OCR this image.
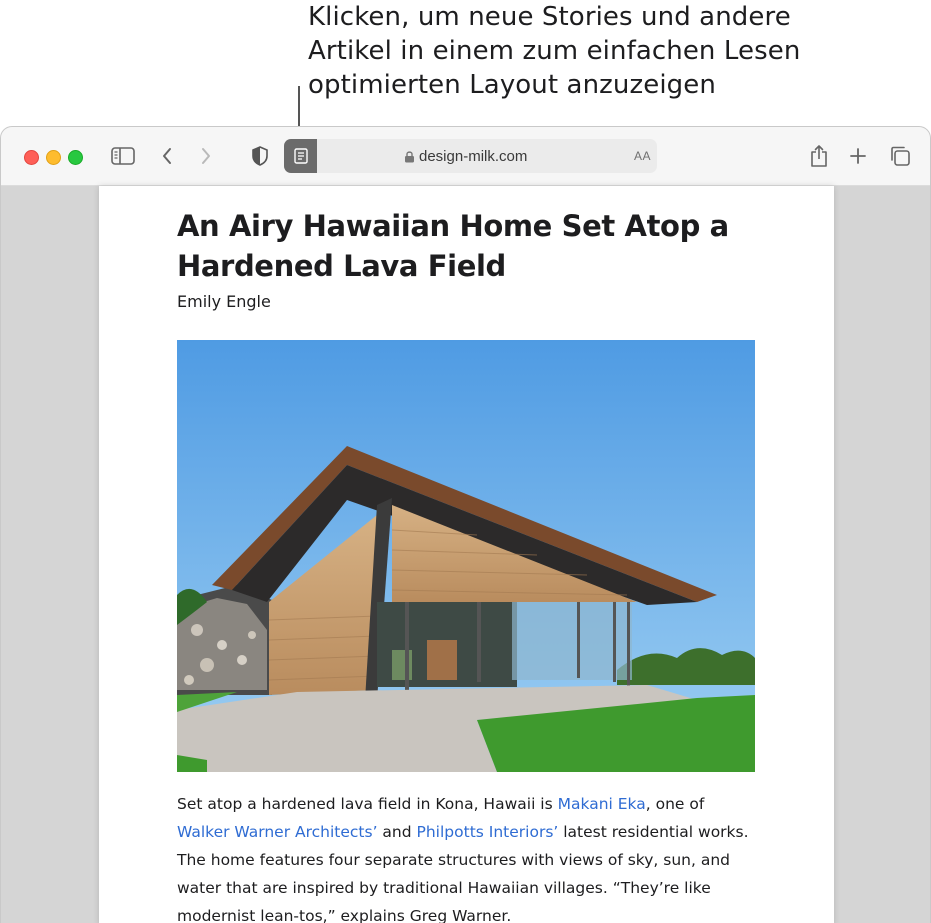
Klicken, um neue Stories und andere
Artikel in einem zum einfachen Lesen
optimierten Layout anzuzeigen
design-milk.com	AA
An Airy Hawaiian Home Set Atop a Hardened Lava Field
Emily Engle
Set atop a hardened lava field in Kona, Hawaii is Makani Eka, one of Walker Warner Architects’ and Philpotts Interiors’ latest residential works. The home features four separate structures with views of sky, sun, and water that are inspired by traditional Hawaiian villages. “They’re like modernist lean-tos,” explains Greg Warner.
